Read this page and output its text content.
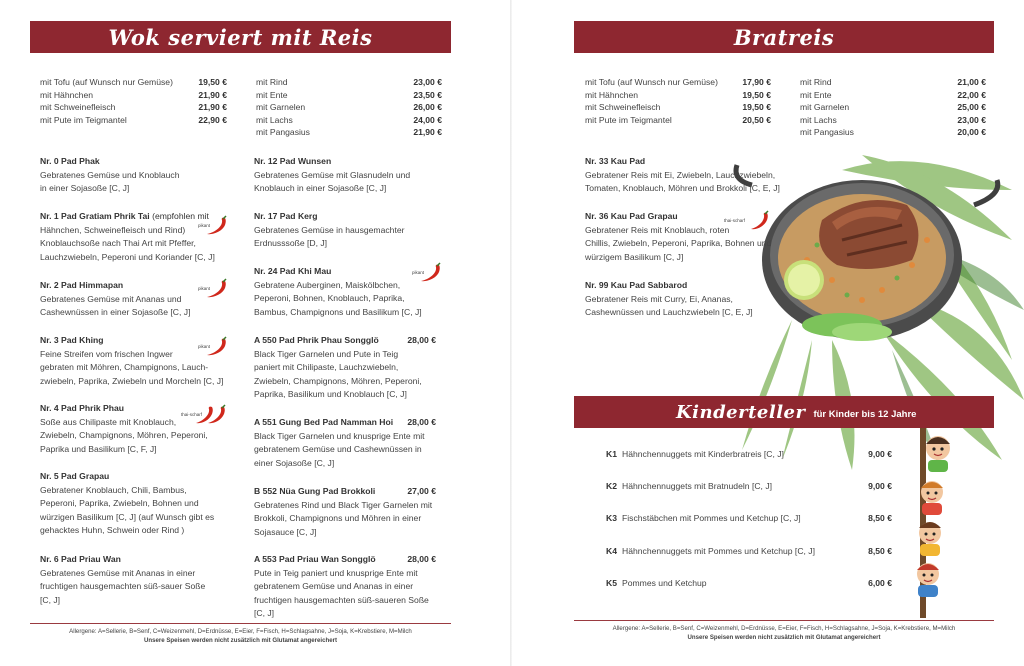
Wok serviert mit Reis
mit Tofu (auf Wunsch nur Gemüse)	19,50 €
mit Hähnchen	21,90 €
mit Schweinefleisch	21,90 €
mit Pute im Teigmantel	22,90 €
mit Rind	23,00 €
mit Ente	23,50 €
mit Garnelen	26,00 €
mit Lachs	24,00 €
mit Pangasius	21,90 €
Nr. 0 Pad Phak
Gebratenes Gemüse und Knoblauch
in einer Sojasoße [C, J]
Nr. 1 Pad Gratiam Phrik Tai
(empfohlen mit
Hähnchen, Schweinefleisch und Rind)
Knoblauchsoße nach Thai Art mit Pfeffer,
Lauchzwiebeln, Peperoni und Koriander [C, J]
Nr. 2 Pad Himmapan
Gebratenes Gemüse mit Ananas und
Cashewnüssen in einer Sojasoße [C, J]
Nr. 3 Pad Khing
Feine Streifen vom frischen Ingwer
gebraten mit Möhren, Champignons, Lauch-
zwiebeln, Paprika, Zwiebeln und Morcheln [C, J]
Nr. 4 Pad Phrik Phau
Soße aus Chilipaste mit Knoblauch,
Zwiebeln, Champignons, Möhren, Peperoni,
Paprika und Basilikum [C, F, J]
Nr. 5 Pad Grapau
Gebratener Knoblauch, Chili, Bambus,
Peperoni, Paprika, Zwiebeln, Bohnen und
würzigen Basilikum [C, J] (auf Wunsch gibt es
gehacktes Huhn, Schwein oder Rind )
Nr. 6 Pad Priau Wan
Gebratenes Gemüse mit Ananas in einer
fruchtigen hausgemachten süß-sauer Soße
[C, J]
Nr. 12 Pad Wunsen
Gebratenes Gemüse mit Glasnudeln und
Knoblauch in einer Sojasoße [C, J]
Nr. 17 Pad Kerg
Gebratenes Gemüse in hausgemachter
Erdnusssoße [D, J]
Nr. 24 Pad Khi Mau
Gebratene Auberginen, Maiskölbchen,
Peperoni, Bohnen, Knoblauch, Paprika,
Bambus, Champignons und Basilikum [C, J]
A 550 Pad Phrik Phau Songglö	28,00 €
Black Tiger Garnelen und Pute in Teig
paniert mit Chilipaste, Lauchzwiebeln,
Zwiebeln, Champignons, Möhren, Peperoni,
Paprika, Basilikum und Knoblauch [C, J]
A 551 Gung Bed Pad Namman Hoi 28,00 €
Black Tiger Garnelen und knusprige Ente mit
gebratenem Gemüse und Cashewnüssen in
einer Sojasoße [C, J]
B 552 Nüa Gung Pad Brokkoli	27,00 €
Gebratenes Rind und Black Tiger Garnelen mit
Brokkoli, Champignons und Möhren in einer
Sojasauce [C, J]
A 553 Pad Priau Wan Songglö	28,00 €
Pute in Teig paniert und knusprige Ente mit
gebratenem Gemüse und Ananas in einer
fruchtigen hausgemachten süß-saueren Soße
[C, J]
pikant
pikant
pikant
thai-scharf
pikant
Allergene: A=Sellerie, B=Senf, C=Weizenmehl, D=Erdnüsse, E=Eier, F=Fisch, H=Schlagsahne, J=Soja, K=Krebstiere, M=Milch
Unsere Speisen werden nicht zusätzlich mit Glutamat angereichert
Bratreis
mit Tofu (auf Wunsch nur Gemüse)	17,90 €
mit Hähnchen	19,50 €
mit Schweinefleisch	19,50 €
mit Pute im Teigmantel	20,50 €
mit Rind	21,00 €
mit Ente	22,00 €
mit Garnelen	25,00 €
mit Lachs	23,00 €
mit Pangasius	20,00 €
Nr. 33 Kau Pad
Gebratener Reis mit Ei, Zwiebeln, Lauchzwiebeln,
Tomaten, Knoblauch, Möhren und Brokkoli [C, E, J]
Nr. 36 Kau Pad Grapau
Gebratener Reis mit Knoblauch, roten
Chillis, Zwiebeln, Peperoni, Paprika, Bohnen und
würzigem Basilikum [C, J]
Nr. 99 Kau Pad Sabbarod
Gebratener Reis mit Curry, Ei, Ananas,
Cashewnüssen und Lauchzwiebeln [C, E, J]
thai-scharf
Kinderteller für Kinder bis 12 Jahre
K1 Hähnchennuggets mit Kinderbratreis [C, J]	9,00 €
K2 Hähnchennuggets mit Bratnudeln [C, J]	9,00 €
K3 Fischstäbchen mit Pommes und Ketchup [C, J]	8,50 €
K4 Hähnchennuggets mit Pommes und Ketchup [C, J]	8,50 €
K5 Pommes und Ketchup	6,00 €
Allergene: A=Sellerie, B=Senf, C=Weizenmehl, D=Erdnüsse, E=Eier, F=Fisch, H=Schlagsahne, J=Soja, K=Krebstiere, M=Milch
Unsere Speisen werden nicht zusätzlich mit Glutamat angereichert
